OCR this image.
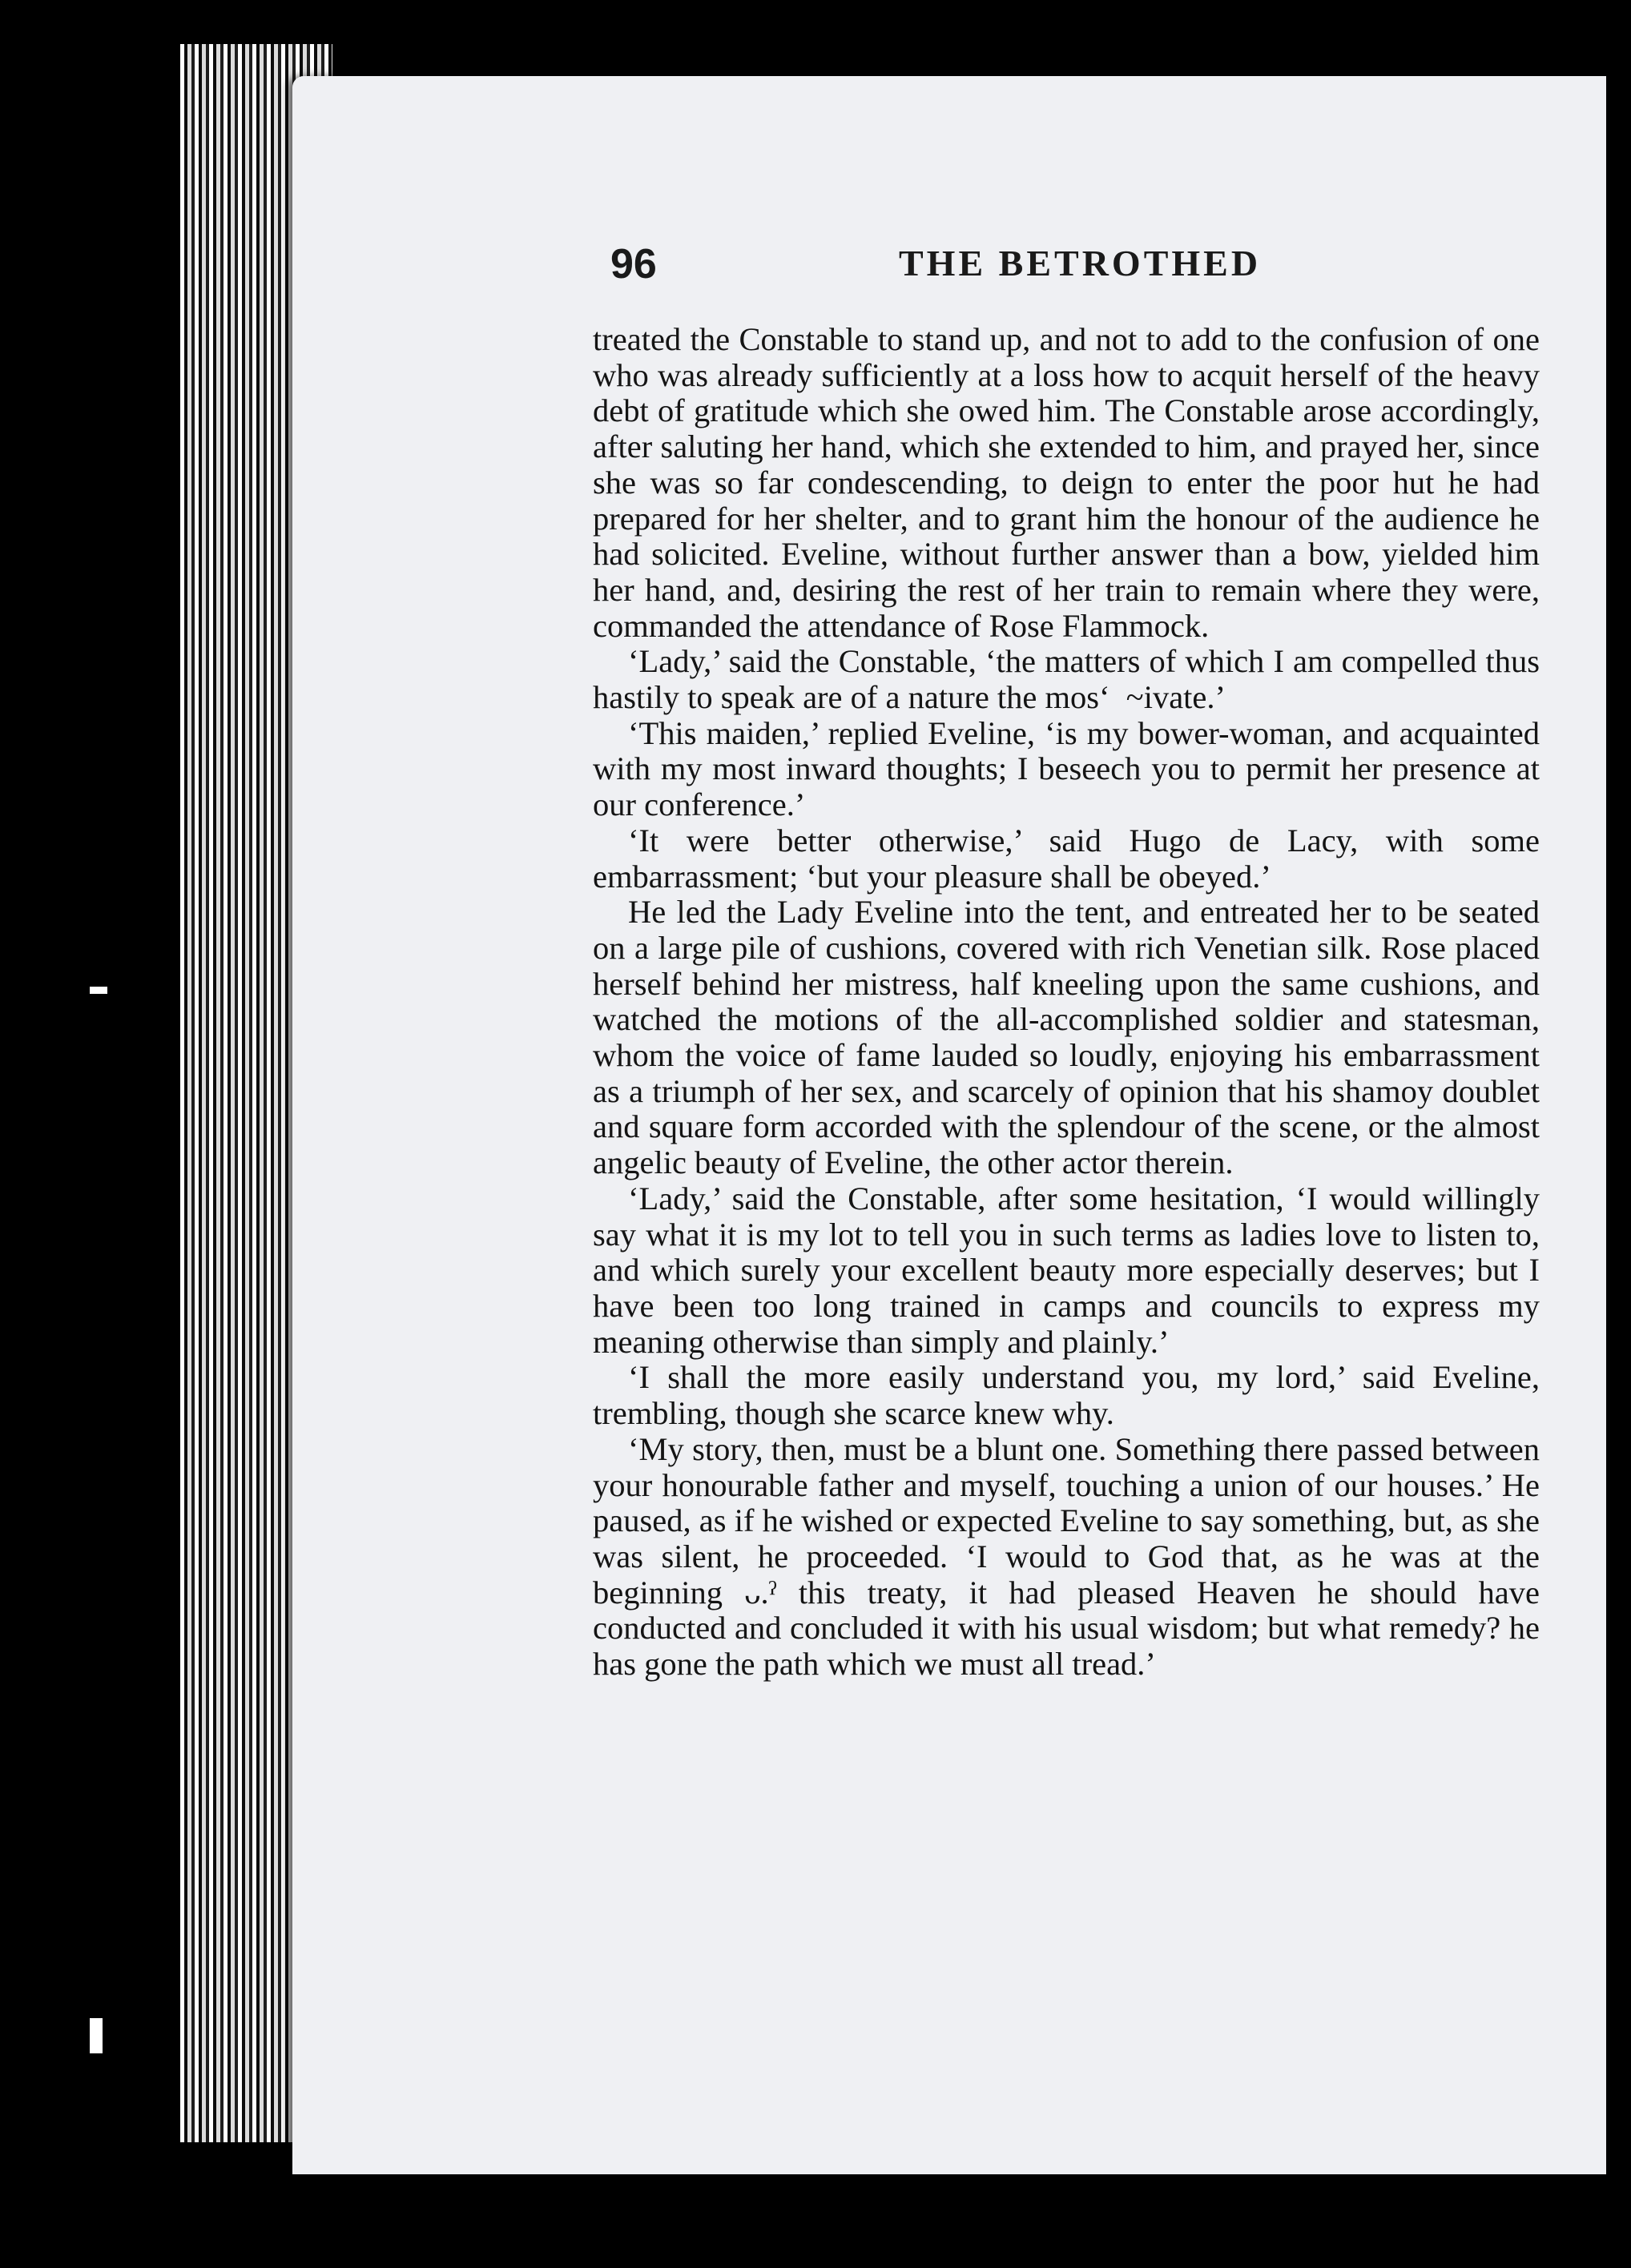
96	THE BETROTHED

treated the Constable to stand up, and not to add to the confusion of one who was already sufficiently at a loss how to acquit herself of the heavy debt of gratitude which she owed him. The Constable arose accordingly, after saluting her hand, which she extended to him, and prayed her, since she was so far condescending, to deign to enter the poor hut he had prepared for her shelter, and to grant him the honour of the audience he had solicited. Eveline, without further answer than a bow, yielded him her hand, and, desiring the rest of her train to remain where they were, commanded the attendance of Rose Flammock.

‘Lady,’ said the Constable, ‘the matters of which I am compelled thus hastily to speak are of a nature the mos⁠‘ ⁠ ~ivate.’

‘This maiden,’ replied Eveline, ‘is my bower-woman, and acquainted with my most inward thoughts; I beseech you to permit her presence at our conference.’

‘It were better otherwise,’ said Hugo de Lacy, with some embarrassment; ‘but your pleasure shall be obeyed.’

He led the Lady Eveline into the tent, and entreated her to be seated on a large pile of cushions, covered with rich Venetian silk. Rose placed herself behind her mistress, half kneeling upon the same cushions, and watched the motions of the all-accomplished soldier and statesman, whom the voice of fame lauded so loudly, enjoying his embarrassment as a triumph of her sex, and scarcely of opinion that his shamoy doublet and square form accorded with the splendour of the scene, or the almost angelic beauty of Eveline, the other actor therein.

‘Lady,’ said the Constable, after some hesitation, ‘I would willingly say what it is my lot to tell you in such terms as ladies love to listen to, and which surely your excellent beauty more especially deserves; but I have been too long trained in camps and councils to express my meaning otherwise than simply and plainly.’

‘I shall the more easily understand you, my lord,’ said Eveline, trembling, though she scarce knew why.

‘My story, then, must be a blunt one. Something there passed between your honourable father and myself, touching a union of our houses.’ He paused, as if he wished or expected Eveline to say something, but, as she was silent, he proceeded. ‘I would to God that, as he was at the beginning ᴗ.ˀ this treaty, it had pleased Heaven he should have conducted and concluded it with his usual wisdom; but what remedy? he has gone the path which we must all tread.’
